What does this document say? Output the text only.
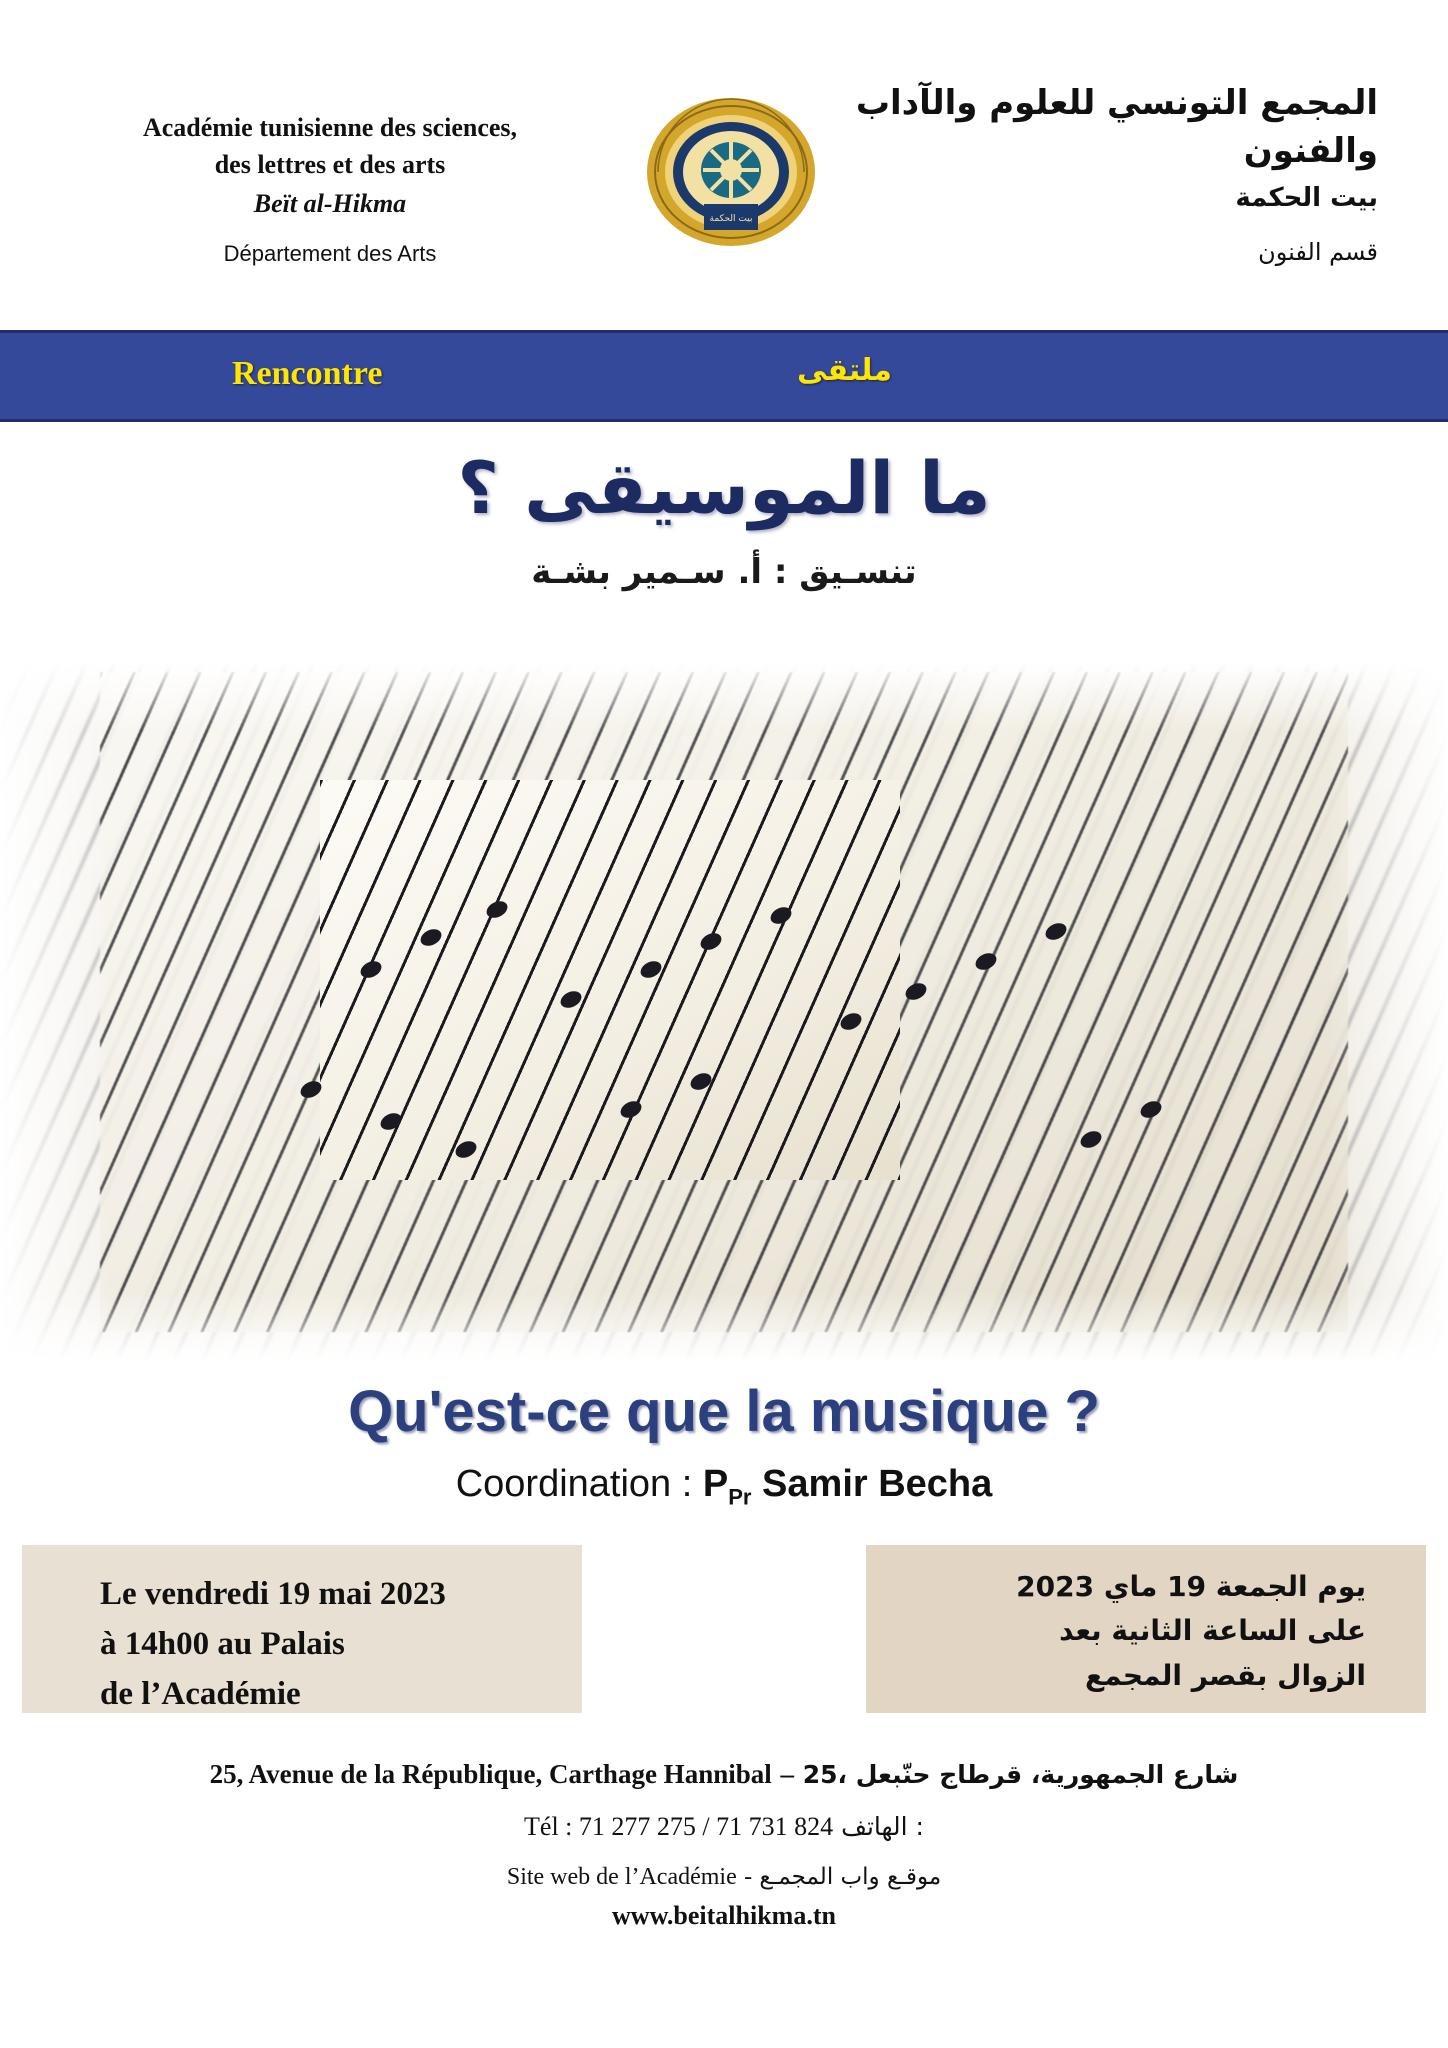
Académie tunisienne des sciences,
des lettres et des arts
Beït al-Hikma
Département des Arts
بيت الحكمة
المجمع التونسي للعلوم والآداب والفنون
بيت الحكمة
قسم الفنون
Rencontre	ملتقى
ما الموسيقى ؟
تنسـيق : أ. سـمير بشـة
Qu'est-ce que la musique ?
Coordination : $P_{Pr}$ Samir Becha
Le vendredi 19 mai 2023
à 14h00 au Palais
de l’Académie
يوم الجمعة 19 ماي 2023
على الساعة الثانية بعد
الزوال بقصر المجمع
25, Avenue de la République, Carthage Hannibal – 25، شارع الجمهورية، قرطاج حنّبعل
Tél : 71 277 275 / 71 731 824 الهاتف :
Site web de l’Académie - موقـع واب المجمـع
www.beitalhikma.tn
